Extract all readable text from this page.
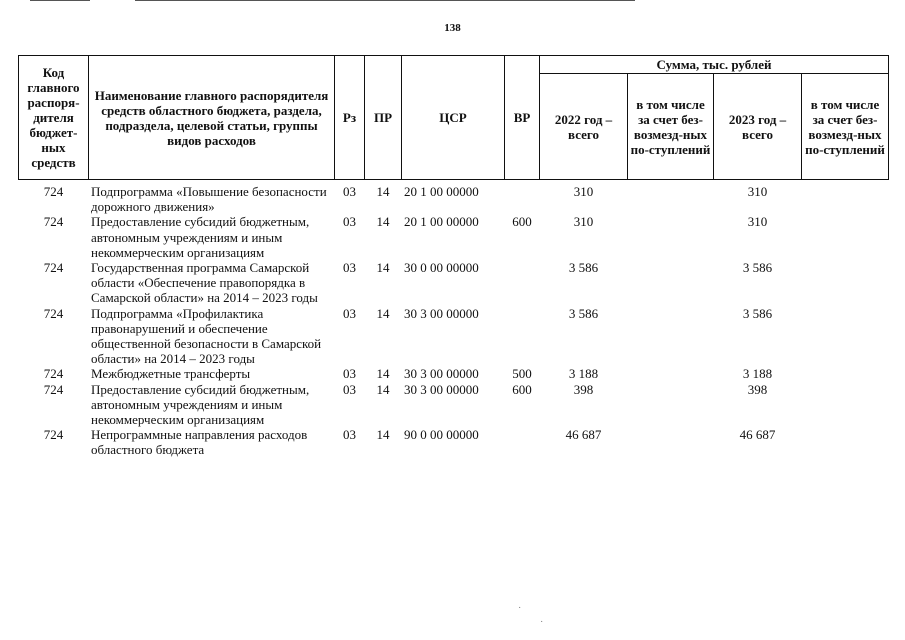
138
Код главного распоря-дителя бюджет-ных средств	Наименование главного распорядителя средств областного бюджета, раздела, подраздела, целевой статьи, группы видов расходов	Рз	ПР	ЦСР	ВР	Сумма, тыс. рублей			
						2022 год – всего	в том числе за счет без-возмезд-ных по-ступлений	2023 год – всего	в том числе за счет без-возмезд-ных по-ступлений

724	Подпрограмма «Повышение безопасности дорожного движения»	03	14	20 1 00 00000		310		310	
724	Предоставление субсидий бюджетным, автономным учреждениям и иным некоммерческим организациям	03	14	20 1 00 00000	600	310		310	
724	Государственная программа Самарской области «Обеспечение правопорядка в Самарской области» на 2014 – 2023 годы	03	14	30 0 00 00000		3 586		3 586	
724	Подпрограмма «Профилактика правонарушений и обеспечение общественной безопасности в Самарской области» на 2014 – 2023 годы	03	14	30 3 00 00000		3 586		3 586	
724	Межбюджетные трансферты	03	14	30 3 00 00000	500	3 188		3 188	
724	Предоставление субсидий бюджетным, автономным учреждениям и иным некоммерческим организациям	03	14	30 3 00 00000	600	398		398	
724	Непрограммные направления расходов областного бюджета	03	14	90 0 00 00000		46 687		46 687	
˙
˙
